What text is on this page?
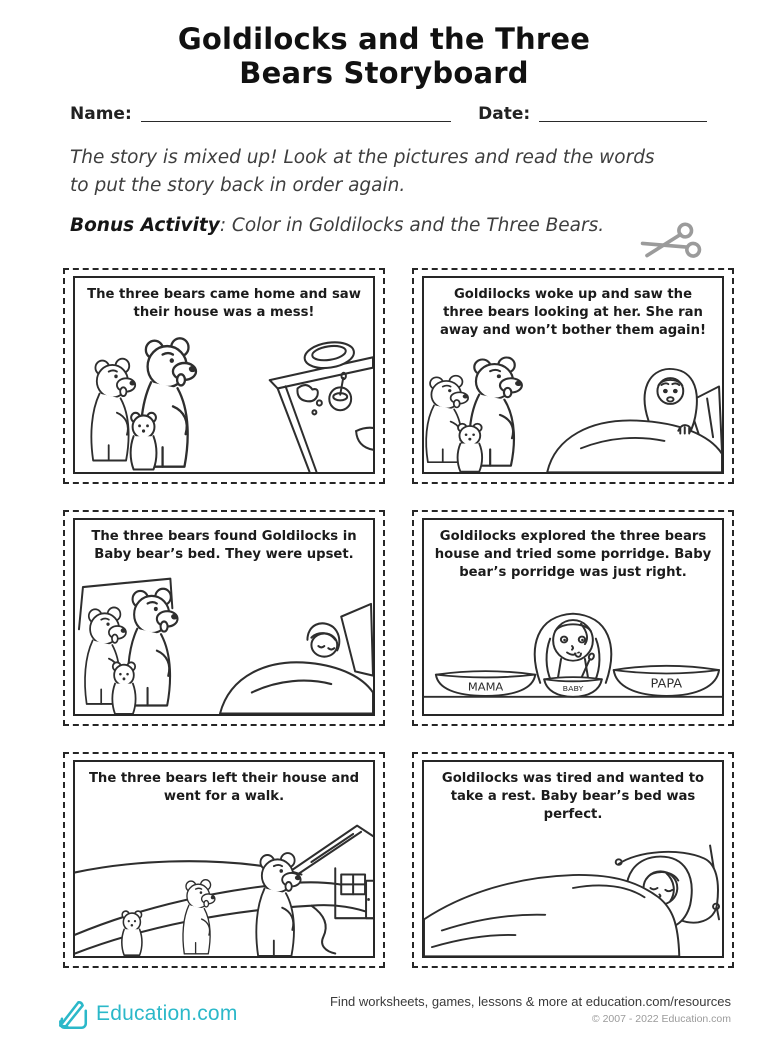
Goldilocks and the Three
Bears Storyboard
Name:	Date:

The story is mixed up! Look at the pictures and read the words to put the story back in order again.

Bonus Activity: Color in Goldilocks and the Three Bears.

The three bears came home and saw their house was a mess!

Goldilocks woke up and saw the three bears looking at her. She ran away and won’t bother them again!

The three bears found Goldilocks in Baby bear’s bed. They were upset.

Goldilocks explored the three bears house and tried some porridge. Baby bear’s porridge was just right.

MAMA	BABY	PAPA

The three bears left their house and went for a walk.

Goldilocks was tired and wanted to take a rest. Baby bear’s bed was perfect.

Education.com
Find worksheets, games, lessons & more at education.com/resources
© 2007 - 2022 Education.com
